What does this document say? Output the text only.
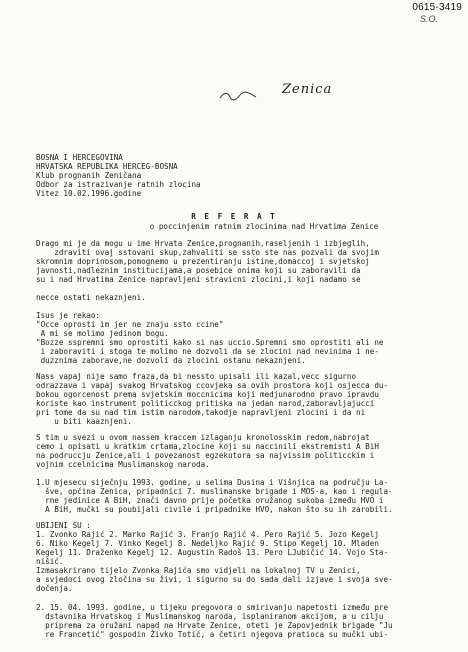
0615-3419
S.O.
Zenica
BOSNA I HERCEGOVINA
HRVATSKA REPUBLIKA HERCEG-BOSNA
Klub prognanih Zeničana
Odbor za istrazivanje ratnih zlocina
Vitez 10.02.1996.godine
R E F E R A T
o poccinjenim ratnim zlocinima nad Hrvatima Zenice
Drago mi je da mogu u ime Hrvata Zenice,prognanih,raseljenih i izbjeglih,
zdraviti ovaj sstovani skup,zahvaliti se ssto ste nas pozvali da svojim
skromnim doprinosom,pomognemo u prezentiranju istine,domaccoj i svjetskoj
javnosti,nadleznim institucijama,a posebice onima koji su zaboravili da
su i nad Hrvatima Zenice napravljeni stravicni zlocini,i koji nadamo se
necce ostati nekaznjeni.
Isus je rekao:
"Occe oprosti im jer ne znaju ssto ccine"
A mi se molimo jedinom bogu.
"Bozze sspremni smo oprostiti kako si nas uccio.Spremni smo oprostiti ali ne
i zaboraviti i stoga te molimo ne dozvoli da se zlocini nad nevinima i ne-
duzznima zaborave,ne dozvoli da zlocini ostanu nekaznjeni.
Nass vapaj nije samo fraza,da bi nessto upisali ili kazal,vecc sigurno
odrazzava i vapaj svakog Hrvatskog ccovjeka sa ovih prostora koji osjecca du-
bokou ogorcenost prema svjetskim moccnicima koji medjunarodno pravo ipravdu
koriste kao instrument politicckog pritiska na jedan narod,zaboravljajucci
pri tome da su nad tim istim narodom,takodje napravljeni zlocini i da ni
u biti kaaznjeni.
S tim u svezi u ovom nassem kraccem izlaganju kronolosskim redom,nabrojat
cemo i opisati u kratkim crtama,zlocine koji su naccinili ekstremisti A BiH
na podruccju Zenice,ali i povezanost egzekutora sa najvissim politicckim i
vojnim ccelnicima Muslimanskog naroda.
1.U mjesecu siječnju 1993. godine, u selima Dusina i Višnjica na području La-
šve, općina Zenica, pripadnici 7. muslimanske brigade i MOS-a, kao i regula-
rne jedinice A BiH, znači davno prije početka oružanog sukoba između HVO i
A BiH, mučki su poubijali civile i pripadnike HVO, nakon što su ih zarobili.
UBIJENI SU :
1. Zvonko Rajić 2. Marko Rajić 3. Franjo Rajić 4. Pero Rajić 5. Jozo Kegelj
6. Niko Kegelj 7. Vinko Kegelj 8. Nedeljko Rajić 9. Stipo Kegelj 10. Mladen
Kegelj 11. Draženko Kegelj 12. Augustin Radoš 13. Pero LJubičić 14. Vojo Sta-
nišić.
Izmasakrirano tijelo Zvonka Rajića smo vidjeli na lokalnoj TV u Zenici,
a svjedoci ovog zločina su živi, i sigurno su do sada dali izjave i svoja sve-
dočenja.
2. 15. 04. 1993. godine, u tijeku pregovora o smirivanju napetosti između pre
dstavnika Hrvatskog i Muslimanskog naroda, isplaniranom akcijom, a u cilju
priprema za oružani napad na Hrvate Zenice, oteti je Zapovjednik brigade "Ju
re Francetić" gospodin Živko Totić, a četiri njegova pratioca su mučki ubi-
